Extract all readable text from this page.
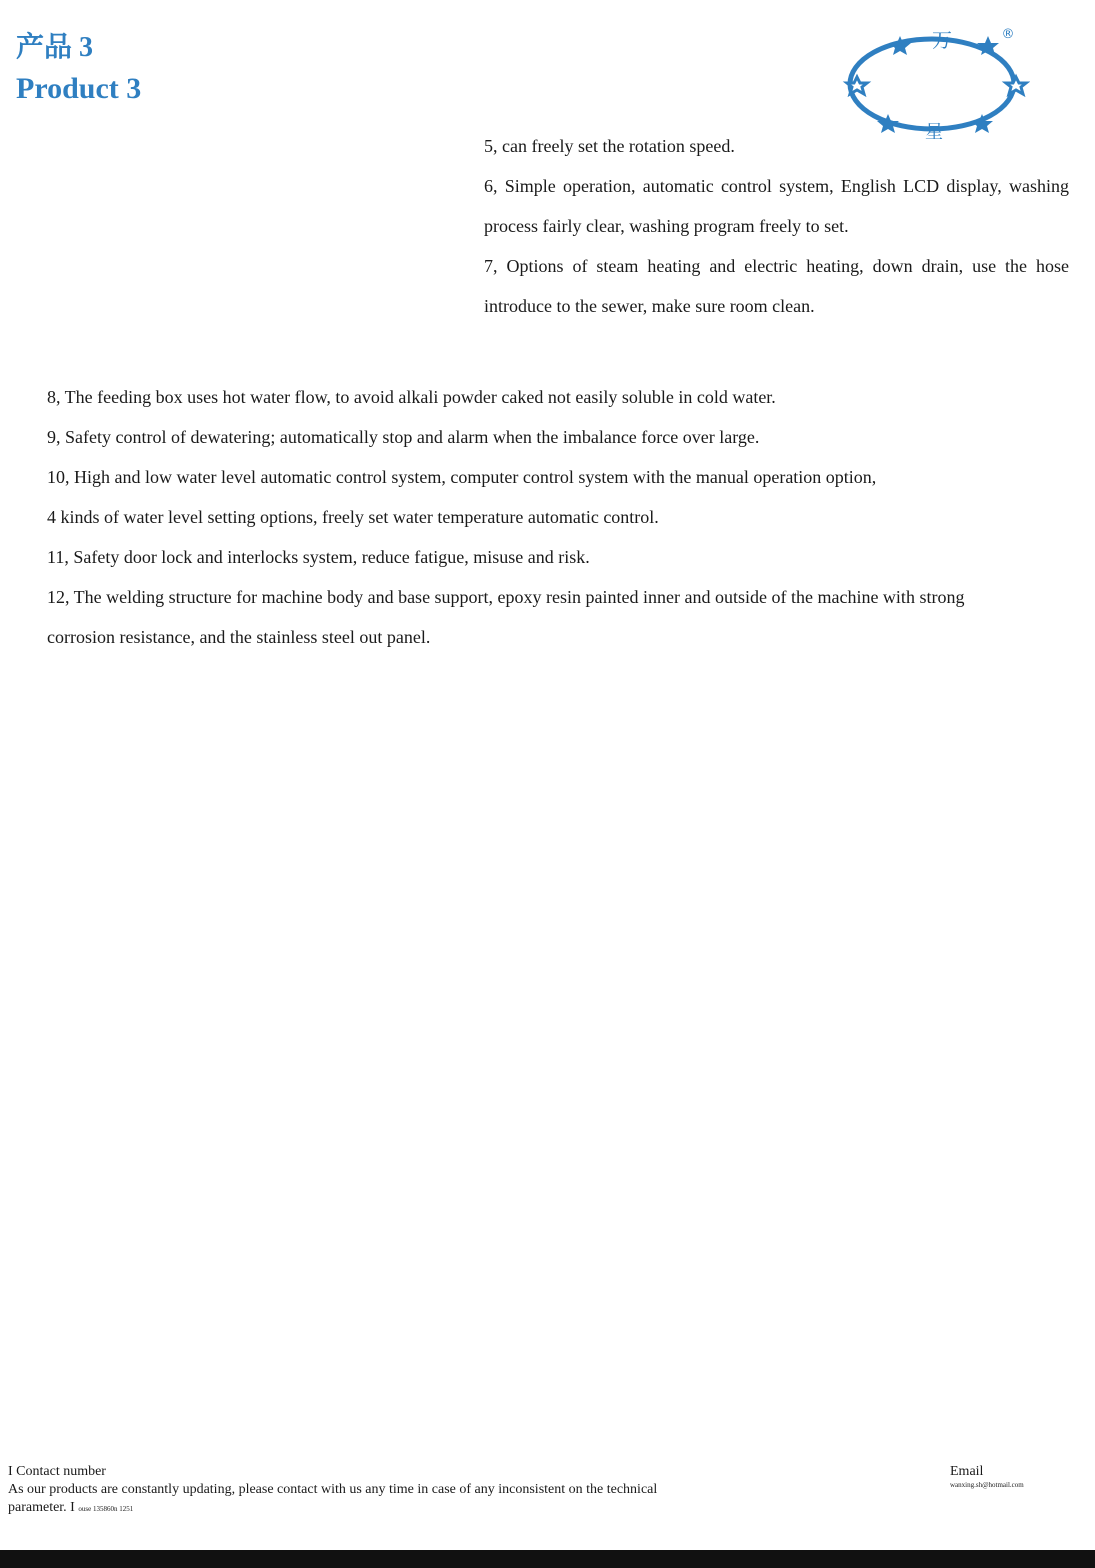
产品 3
Product 3
万
星
®

5, can freely set the rotation speed.

6, Simple operation, automatic control system, English LCD display, washing process fairly clear, washing program freely to set.

7, Options of steam heating and electric heating, down drain, use the hose introduce to the sewer, make sure room clean.

8, The feeding box uses hot water flow, to avoid alkali powder caked not easily soluble in cold water.

9, Safety control of dewatering; automatically stop and alarm when the imbalance force over large.

10, High and low water level automatic control system, computer control system with the manual operation option,

4 kinds of water level setting options, freely set water temperature automatic control.

11, Safety door lock and interlocks system, reduce fatigue, misuse and risk.

12, The welding structure for machine body and base support, epoxy resin painted inner and outside of the machine with strong

corrosion resistance, and the stainless steel out panel.

I Contact number
As our products are constantly updating, please contact with us any time in case of any inconsistent on the technical parameter. I ouse 135860n 1251
Email
wanxing.sh@hotmail.com
